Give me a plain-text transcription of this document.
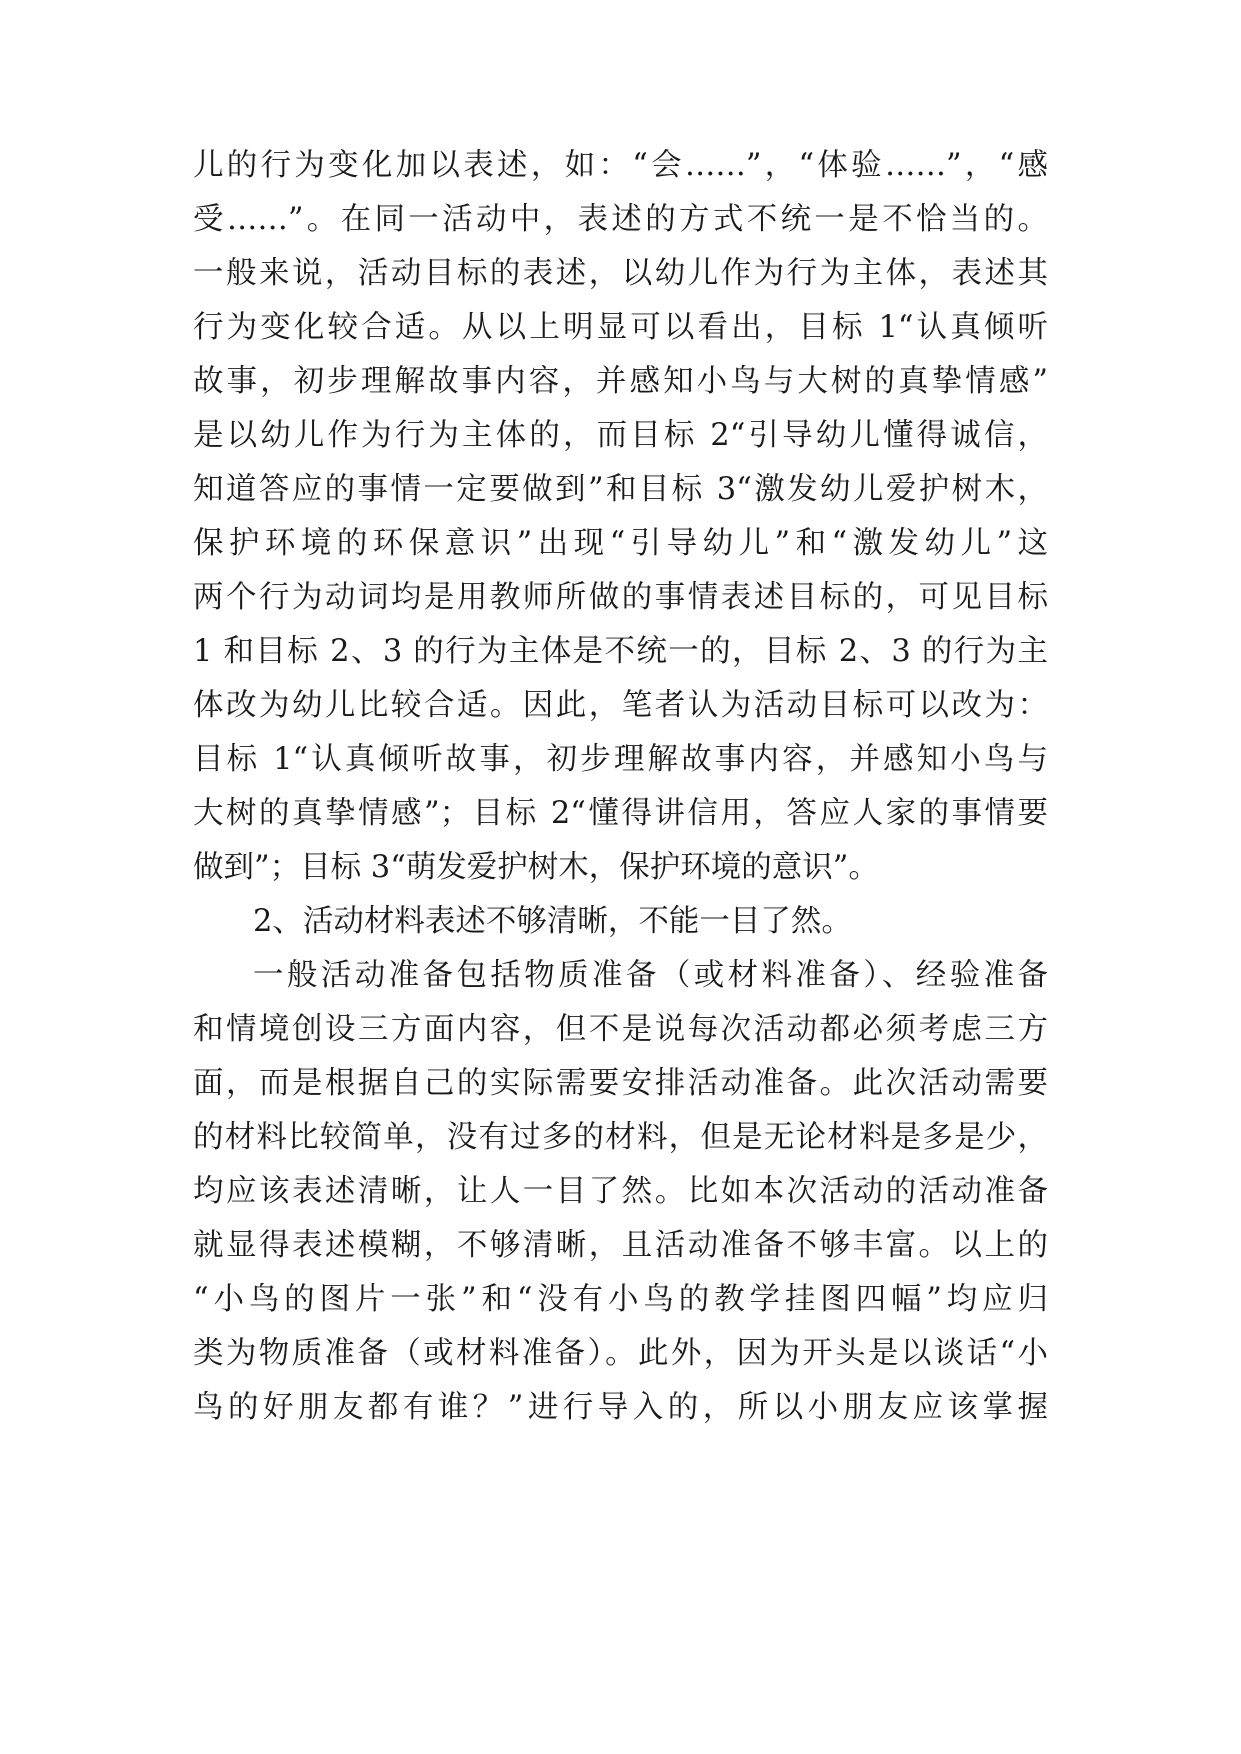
儿的行为变化加以表述，如：“会……”，“体验……”，“感
受……”。在同一活动中，表述的方式不统一是不恰当的。
一般来说，活动目标的表述，以幼儿作为行为主体，表述其
行为变化较合适。从以上明显可以看出，目标 1“认真倾听
故事，初步理解故事内容，并感知小鸟与大树的真挚情感”
是以幼儿作为行为主体的，而目标 2“引导幼儿懂得诚信，
知道答应的事情一定要做到”和目标 3“激发幼儿爱护树木，
保护环境的环保意识”出现“引导幼儿”和“激发幼儿”这
两个行为动词均是用教师所做的事情表述目标的，可见目标
1 和目标 2、3 的行为主体是不统一的，目标 2、3 的行为主
体改为幼儿比较合适。因此，笔者认为活动目标可以改为：
目标 1“认真倾听故事，初步理解故事内容，并感知小鸟与
大树的真挚情感”；目标 2“懂得讲信用，答应人家的事情要
做到”；目标 3“萌发爱护树木，保护环境的意识”。
2、活动材料表述不够清晰，不能一目了然。
一般活动准备包括物质准备（或材料准备）、经验准备
和情境创设三方面内容，但不是说每次活动都必须考虑三方
面，而是根据自己的实际需要安排活动准备。此次活动需要
的材料比较简单，没有过多的材料，但是无论材料是多是少，
均应该表述清晰，让人一目了然。比如本次活动的活动准备
就显得表述模糊，不够清晰，且活动准备不够丰富。以上的
“小鸟的图片一张”和“没有小鸟的教学挂图四幅”均应归
类为物质准备（或材料准备）。此外，因为开头是以谈话“小
鸟的好朋友都有谁？”进行导入的，所以小朋友应该掌握
